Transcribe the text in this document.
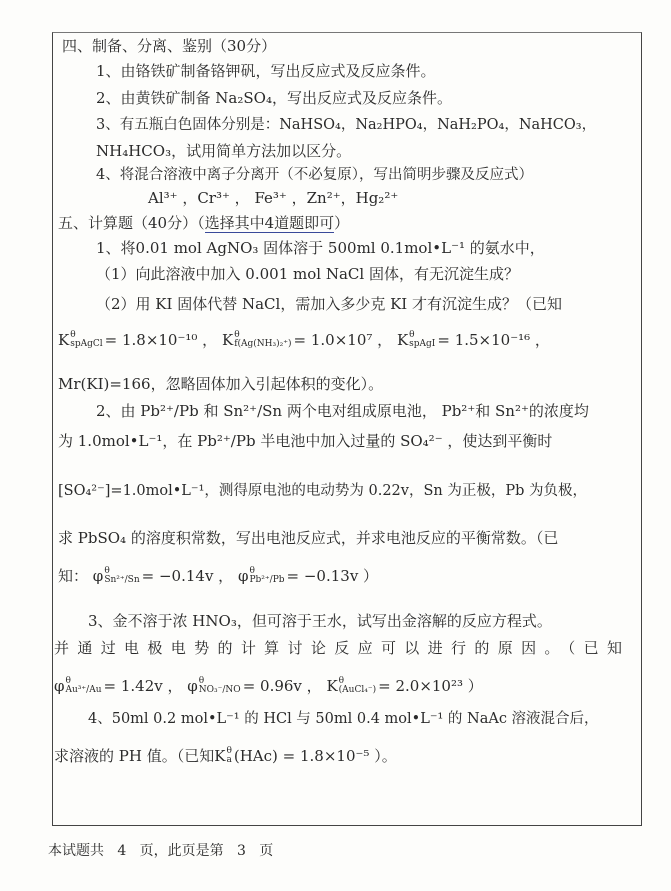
四、制备、分离、鉴别（30分）
1、由铬铁矿制备铬钾矾，写出反应式及反应条件。
2、由黄铁矿制备 Na₂SO₄，写出反应式及反应条件。
3、有五瓶白色固体分别是：NaHSO₄，Na₂HPO₄，NaH₂PO₄，NaHCO₃，
NH₄HCO₃，试用简单方法加以区分。
4、将混合溶液中离子分离开（不必复原），写出简明步骤及反应式）
Al³⁺ ，Cr³⁺ ， Fe³⁺ ，Zn²⁺，Hg₂²⁺
五、计算题（40分）（选择其中4道题即可）
1、将0.01 mol AgNO₃ 固体溶于 500ml 0.1mol•L⁻¹ 的氨水中，
（1）向此溶液中加入 0.001 mol NaCl 固体，有无沉淀生成？
（2）用 KI 固体代替 NaCl，需加入多少克 KI 才有沉淀生成？（已知
K θ
spAgCl = 1.8×10⁻¹⁰ ，
K θ
f(Ag(NH₃)₂⁺) = 1.0×10⁷ ，
K θ
spAgI = 1.5×10⁻¹⁶ ，
Mr(KI)=166，忽略固体加入引起体积的变化）。
2、由 Pb²⁺/Pb 和 Sn²⁺/Sn 两个电对组成原电池， Pb²⁺和 Sn²⁺的浓度均
为 1.0mol•L⁻¹，在 Pb²⁺/Pb 半电池中加入过量的 SO₄²⁻ ，使达到平衡时
[SO₄²⁻]=1.0mol•L⁻¹，测得原电池的电动势为 0.22v，Sn 为正极，Pb 为负极，
求 PbSO₄ 的溶度积常数，写出电池反应式，并求电池反应的平衡常数。（已
知： φ θ
Sn²⁺/Sn = −0.14v ，
φ θ
Pb²⁺/Pb = −0.13v ）
3、金不溶于浓 HNO₃，但可溶于王水，试写出金溶解的反应方程式。
并通过电极电势的计算讨论反应可以进行的原因。（已知
φ θ
Au³⁺/Au = 1.42v ，
φ θ
NO₃⁻/NO = 0.96v ，
K θ
(AuCl₄⁻) = 2.0×10²³ ）
4、50ml 0.2 mol•L⁻¹ 的 HCl 与 50ml 0.4 mol•L⁻¹ 的 NaAc 溶液混合后，
求溶液的 PH 值。（已知 K θ
a (HAc) = 1.8×10⁻⁵ ）。
本试题共   4   页，此页是第   3   页
